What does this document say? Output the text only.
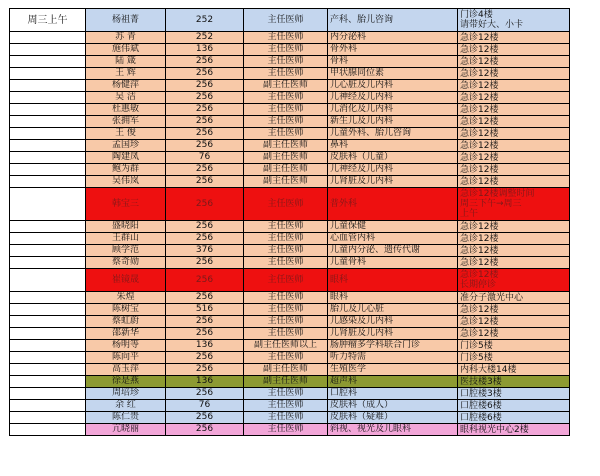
周三上午	杨祖菁	252	主任医师	产科、胎儿咨询	门诊4楼
请带好大、小卡
	苏 青	252	主任医师	内分泌科	急诊12楼
	施伟斌	136	主任医师	骨外科	急诊12楼
	陆 箴	256	主任医师	骨科	急诊12楼
	王 辉	256	主任医师	甲状腺同位素	急诊12楼
	杨健萍	256	副主任医师	儿心脏及儿内科	急诊12楼
	吴 洁	256	主任医师	儿神经及儿内科	急诊12楼
	杜惠敏	256	主任医师	儿消化及儿内科	急诊12楼
	张拥军	256	主任医师	新生儿及儿内科	急诊12楼
	王 俊	256	主任医师	儿童外科、胎儿咨询	急诊12楼
	孟国珍	256	副主任医师	鼻科	急诊12楼
	陶建凤	76	副主任医师	皮肤科（儿童）	急诊12楼
	鲍为群	256	副主任医师	儿神经及儿内科	急诊12楼
	吴伟岚	256	副主任医师	儿肾脏及儿内科	急诊12楼
	韩宝三	256	主任医师	普外科	急诊12楼调整时间
周三下午→周三
上午
	盛晓阳	256	主任医师	儿童保健	急诊12楼
	王群山	256	主任医师	心血管内科	急诊12楼
	顾学范	376	主任医师	儿童内分泌、遗传代谢	急诊12楼
	蔡奇勋	256	主任医师	儿童骨科	急诊12楼
	崔镜晟	256	主任医师	眼科	急诊12楼
长期停诊
	朱煌	256	主任医师	眼科	准分子激光中心
	陈树宝	516	主任医师	胎儿及儿心脏	急诊12楼
	蔡虹蔚	256	主任医师	儿感染及儿内科	急诊12楼
	邵新华	256	主任医师	儿肾脏及儿内科	急诊12楼
	杨明等	136	副主任医师以上	肠肿瘤多学科联合门诊	门诊5楼
	陈向平	256	主任医师	听力特需	门诊5楼
	高玉萍	256	副主任医师	生殖医学	内科大楼14楼
	徐是燕	136	副主任医师	超声科	医技楼3楼
	周培珍	256	主任医师	口腔科	口腔楼3楼
	余 红	76	主任医师	皮肤科（成人）	口腔楼6楼
	陈仁贵	256	主任医师	皮肤科（疑难）	口腔楼6楼
	亢晓丽	256	主任医师	斜视、视光及儿眼科	眼科视光中心2楼
